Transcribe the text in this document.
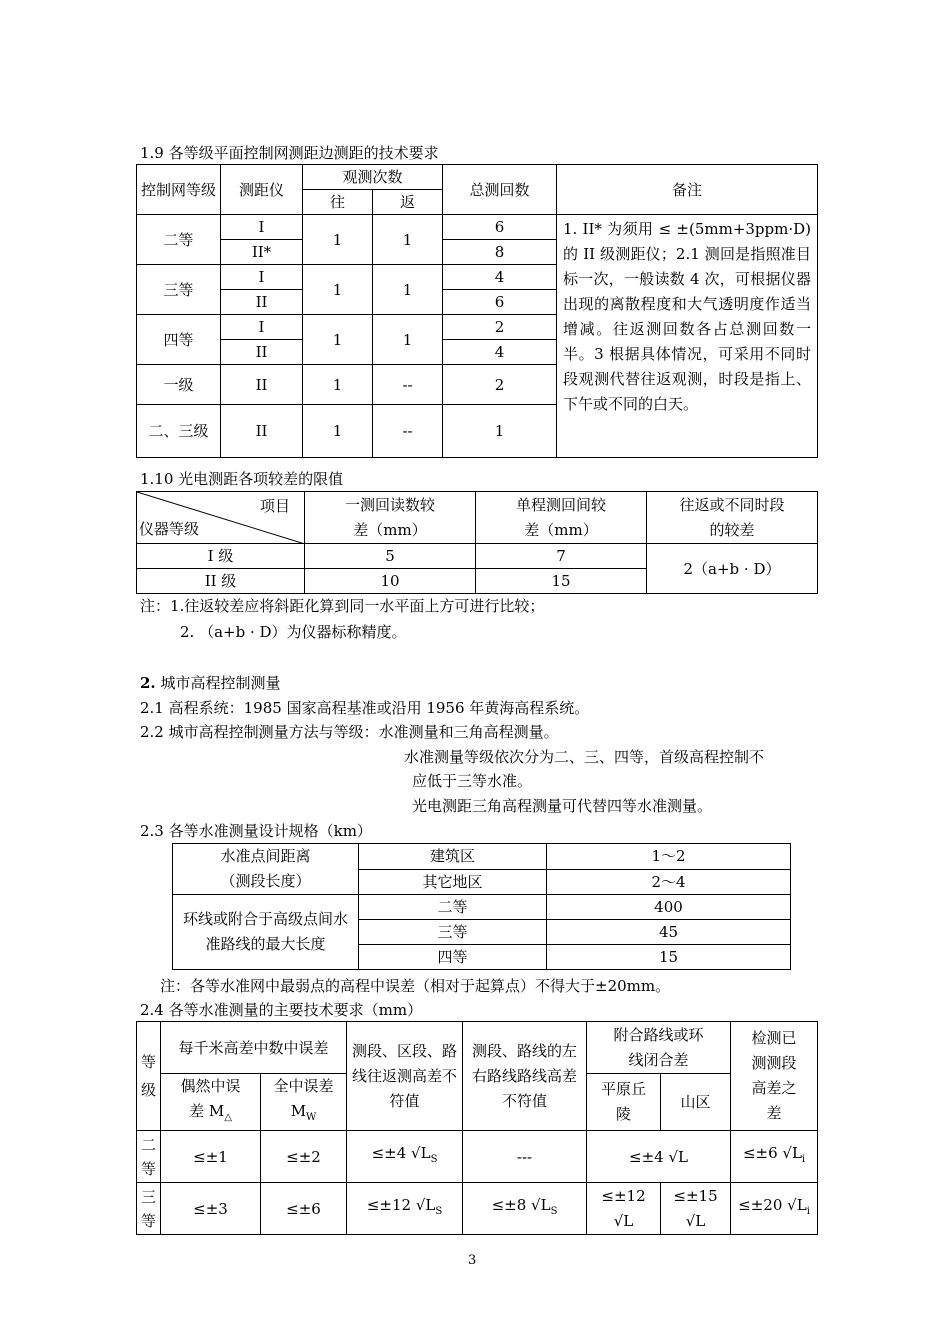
1.9 各等级平面控制网测距边测距的技术要求
控制网等级	测距仪	观测次数		总测回数	备注
		往	返		
二等	I	1	1	6	1. II* 为须用 ≤ ±(5mm+3ppm·D)的 II 级测距仪；2.1 测回是指照准目标一次，一般读数 4 次，可根据仪器出现的离散程度和大气透明度作适当增减。往返测回数各占总测回数一半。3 根据具体情况，可采用不同时段观测代替往返观测，时段是指上、下午或不同的白天。
	II*			8	
三等	I	1	1	4	
	II			6	
四等	I	1	1	2	
	II			4	
一级	II	1	--	2	
二、三级	II	1	--	1	
1.10 光电测距各项较差的限值
项目
仪器等级	一测回读数较差（mm）	单程测回间较差（mm）	往返或不同时段的较差
I 级	5	7	2（a+b · D）
II 级	10	15	
注：1.往返较差应将斜距化算到同一水平面上方可进行比较；
2. （a+b · D）为仪器标称精度。
2. 城市高程控制测量
2.1 高程系统：1985 国家高程基准或沿用 1956 年黄海高程系统。
2.2 城市高程控制测量方法与等级：水准测量和三角高程测量。
水准测量等级依次分为二、三、四等，首级高程控制不
应低于三等水准。
光电测距三角高程测量可代替四等水准测量。
2.3 各等水准测量设计规格（km）
水准点间距离（测段长度）	建筑区	1～2
	其它地区	2～4
环线或附合于高级点间水准路线的最大长度	二等	400
	三等	45
	四等	15
注：各等水准网中最弱点的高程中误差（相对于起算点）不得大于±20mm。
2.4 各等水准测量的主要技术要求（mm）
等级	每千米高差中数中误差		测段、区段、路线往返测高差不符值	测段、路线的左右路线路线高差不符值	附合路线或环线闭合差		检测已测测段高差之差
	偶然中误差 $M_\triangle$	全中误差 $M_W$			平原丘陵	山区	
二等	≤±1	≤±2	≤±4 $√L_S$	---	≤±4 √L		≤±6 $√L_i$
三等	≤±3	≤±6	≤±12 $√L_S$	≤±8 $√L_S$	≤±12 √L	≤±15 √L	≤±20 $√L_i$
3
